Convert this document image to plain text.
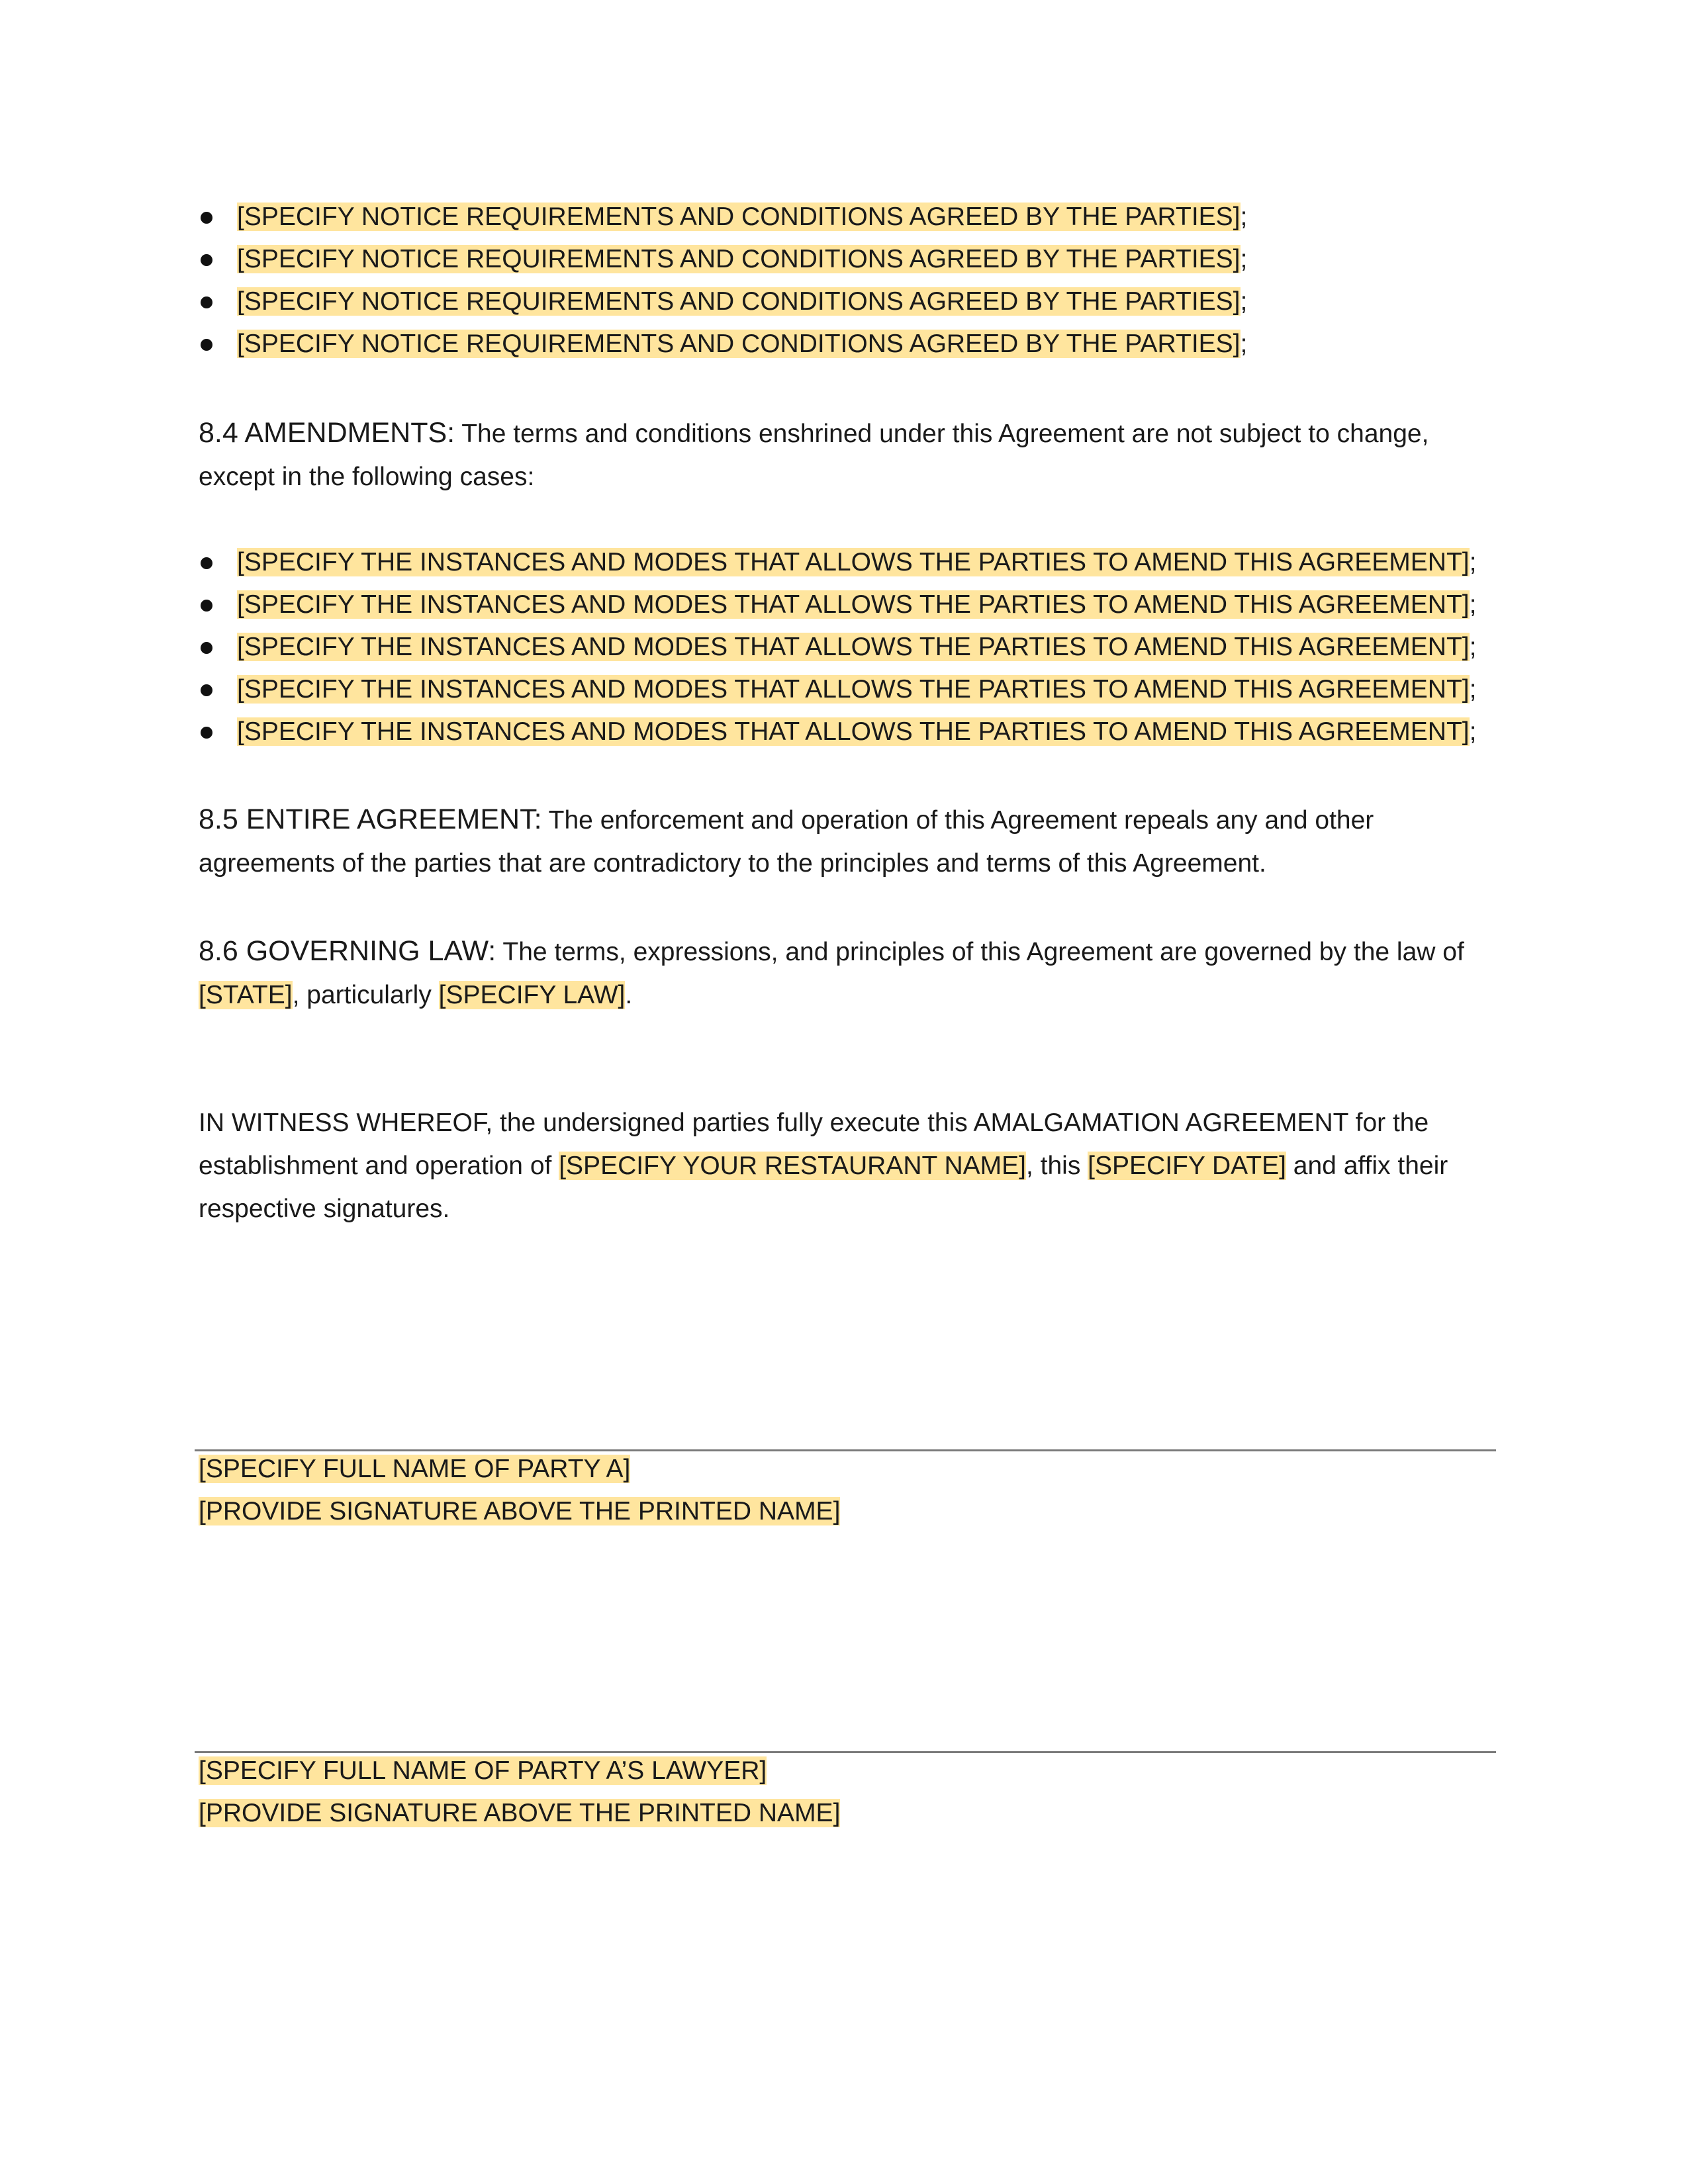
[SPECIFY NOTICE REQUIREMENTS AND CONDITIONS AGREED BY THE PARTIES];
[SPECIFY NOTICE REQUIREMENTS AND CONDITIONS AGREED BY THE PARTIES];
[SPECIFY NOTICE REQUIREMENTS AND CONDITIONS AGREED BY THE PARTIES];
[SPECIFY NOTICE REQUIREMENTS AND CONDITIONS AGREED BY THE PARTIES];
8.4 AMENDMENTS: The terms and conditions enshrined under this Agreement are not subject to change, except in the following cases:
[SPECIFY THE INSTANCES AND MODES THAT ALLOWS THE PARTIES TO AMEND THIS AGREEMENT];
[SPECIFY THE INSTANCES AND MODES THAT ALLOWS THE PARTIES TO AMEND THIS AGREEMENT];
[SPECIFY THE INSTANCES AND MODES THAT ALLOWS THE PARTIES TO AMEND THIS AGREEMENT];
[SPECIFY THE INSTANCES AND MODES THAT ALLOWS THE PARTIES TO AMEND THIS AGREEMENT];
[SPECIFY THE INSTANCES AND MODES THAT ALLOWS THE PARTIES TO AMEND THIS AGREEMENT];
8.5 ENTIRE AGREEMENT: The enforcement and operation of this Agreement repeals any and other agreements of the parties that are contradictory to the principles and terms of this Agreement.
8.6 GOVERNING LAW: The terms, expressions, and principles of this Agreement are governed by the law of [STATE], particularly [SPECIFY LAW].
IN WITNESS WHEREOF, the undersigned parties fully execute this AMALGAMATION AGREEMENT for the establishment and operation of [SPECIFY YOUR RESTAURANT NAME], this [SPECIFY DATE] and affix their respective signatures.
[SPECIFY FULL NAME OF PARTY A]
[PROVIDE SIGNATURE ABOVE THE PRINTED NAME]
[SPECIFY FULL NAME OF PARTY A’S LAWYER]
[PROVIDE SIGNATURE ABOVE THE PRINTED NAME]
